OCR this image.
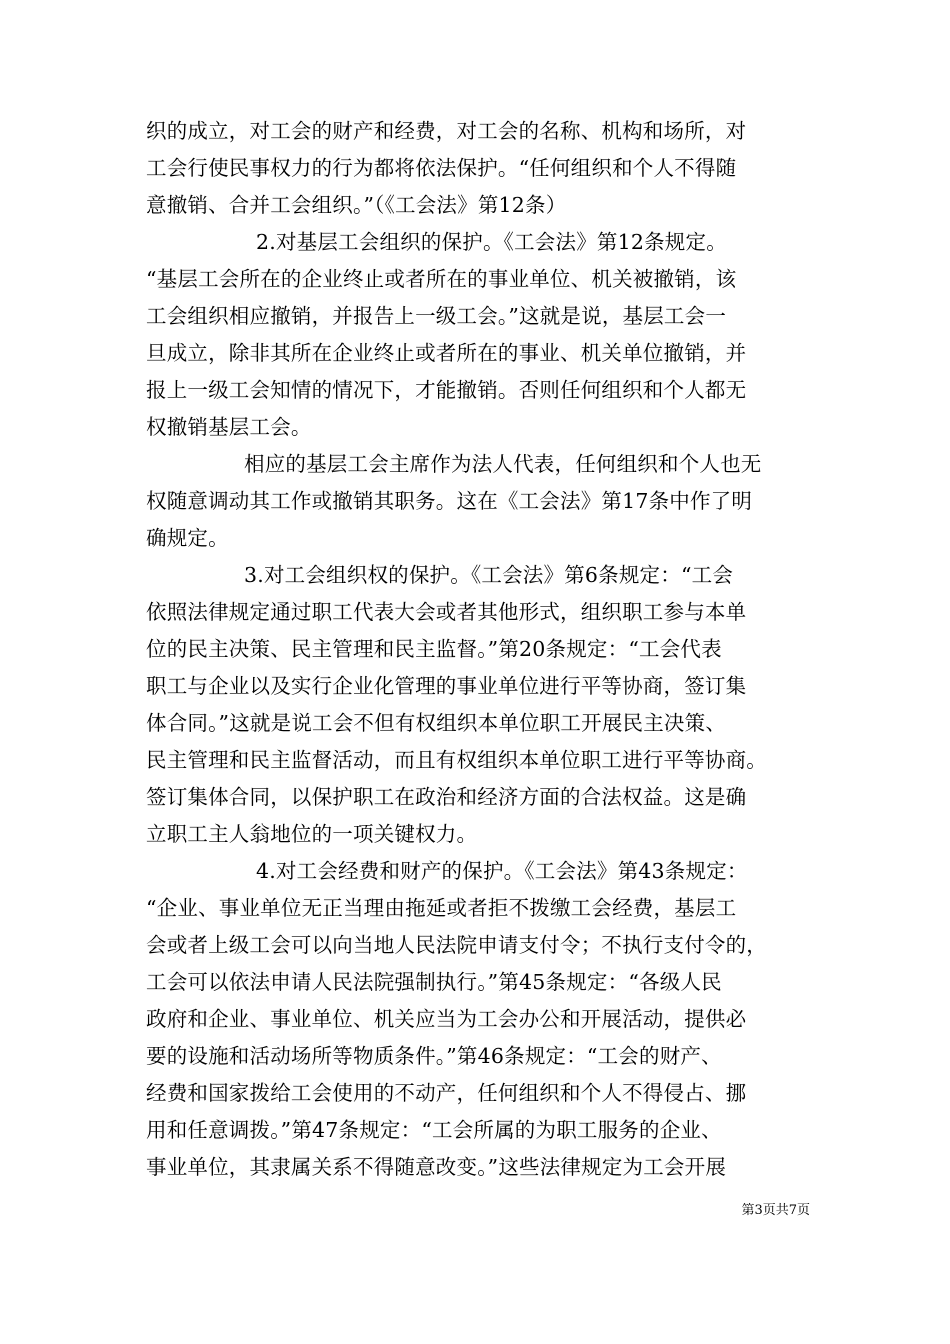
织的成立，对工会的财产和经费，对工会的名称、机构和场所，对
工会行使民事权力的行为都将依法保护。“任何组织和个人不得随
意撤销、合并工会组织。”（《工会法》第12条）
2.对基层工会组织的保护。《工会法》第12条规定。
“基层工会所在的企业终止或者所在的事业单位、机关被撤销，该
工会组织相应撤销，并报告上一级工会。”这就是说，基层工会一
旦成立，除非其所在企业终止或者所在的事业、机关单位撤销，并
报上一级工会知情的情况下，才能撤销。否则任何组织和个人都无
权撤销基层工会。
相应的基层工会主席作为法人代表，任何组织和个人也无
权随意调动其工作或撤销其职务。这在《工会法》第17条中作了明
确规定。
3.对工会组织权的保护。《工会法》第6条规定：“工会
依照法律规定通过职工代表大会或者其他形式，组织职工参与本单
位的民主决策、民主管理和民主监督。”第20条规定：“工会代表
职工与企业以及实行企业化管理的事业单位进行平等协商，签订集
体合同。”这就是说工会不但有权组织本单位职工开展民主决策、
民主管理和民主监督活动，而且有权组织本单位职工进行平等协商。
签订集体合同，以保护职工在政治和经济方面的合法权益。这是确
立职工主人翁地位的一项关键权力。
4.对工会经费和财产的保护。《工会法》第43条规定：
“企业、事业单位无正当理由拖延或者拒不拨缴工会经费，基层工
会或者上级工会可以向当地人民法院申请支付令；不执行支付令的，
工会可以依法申请人民法院强制执行。”第45条规定：“各级人民
政府和企业、事业单位、机关应当为工会办公和开展活动，提供必
要的设施和活动场所等物质条件。”第46条规定：“工会的财产、
经费和国家拨给工会使用的不动产，任何组织和个人不得侵占、挪
用和任意调拨。”第47条规定：“工会所属的为职工服务的企业、
事业单位，其隶属关系不得随意改变。”这些法律规定为工会开展
第3页共7页
